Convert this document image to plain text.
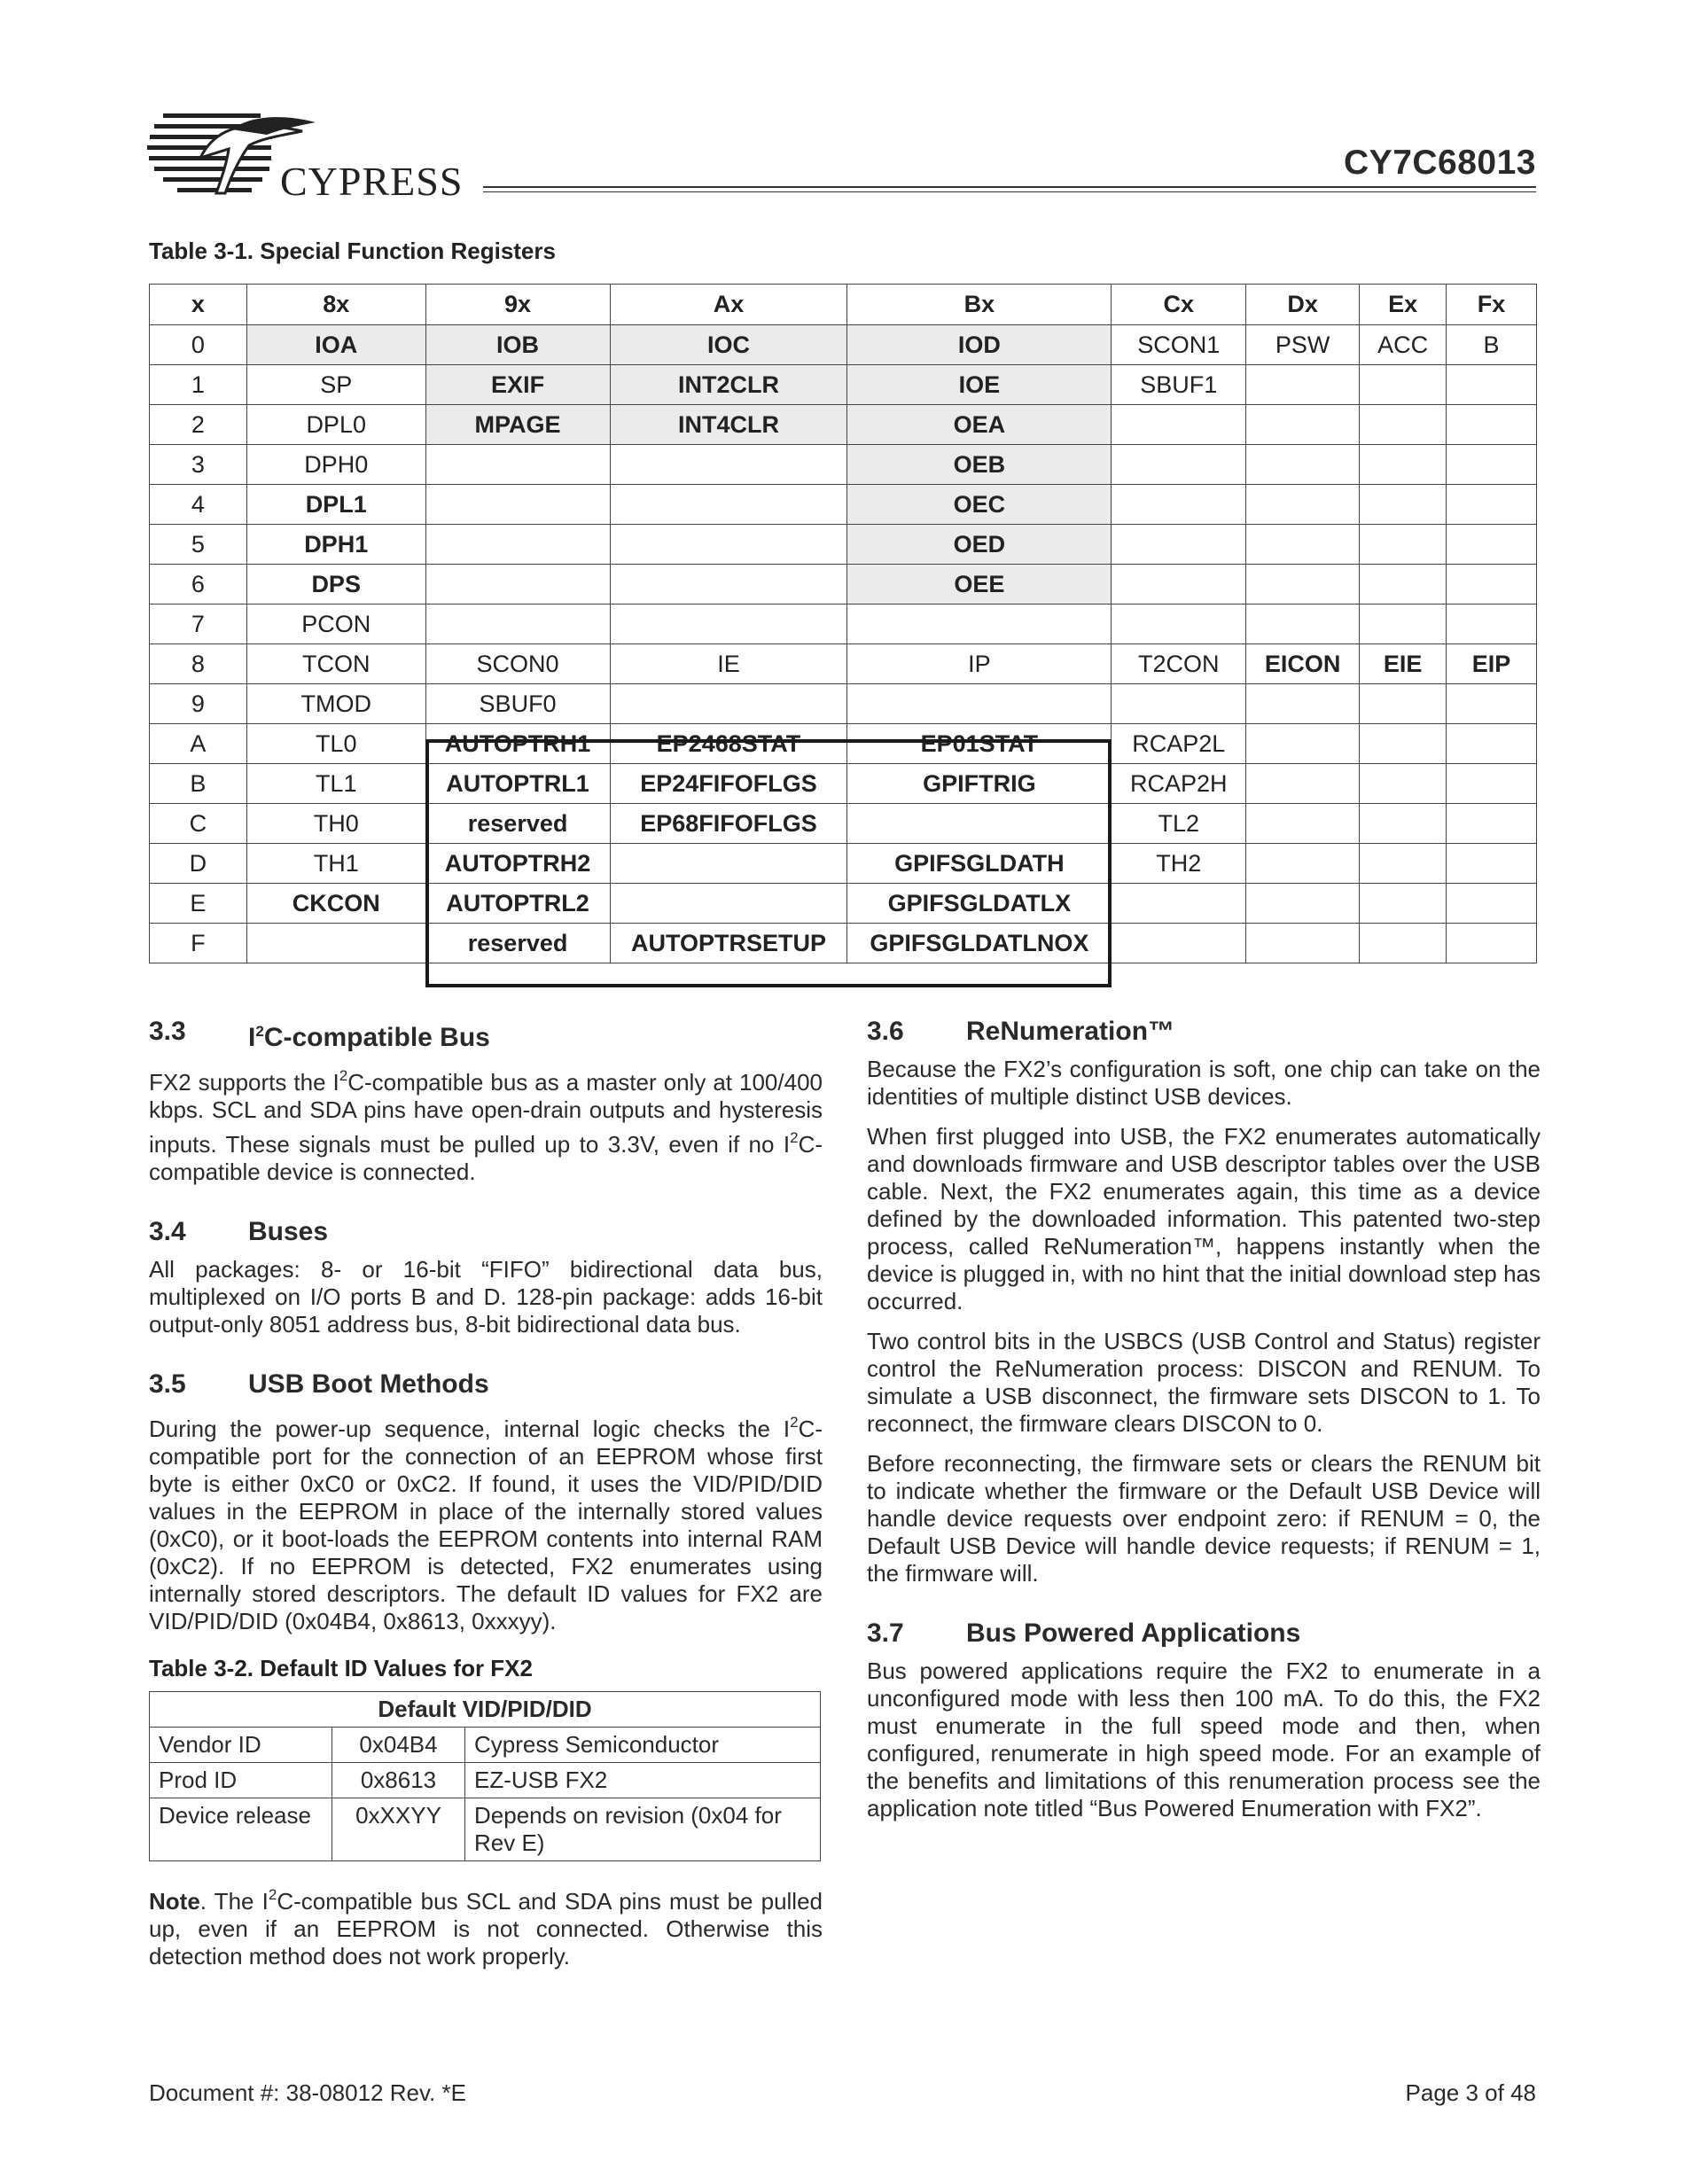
CYPRESS	CY7C68013
Table 3-1. Special Function Registers
x	8x	9x	Ax	Bx	Cx	Dx	Ex	Fx
0	IOA	IOB	IOC	IOD	SCON1	PSW	ACC	B
1	SP	EXIF	INT2CLR	IOE	SBUF1			
2	DPL0	MPAGE	INT4CLR	OEA				
3	DPH0			OEB				
4	DPL1			OEC				
5	DPH1			OED				
6	DPS			OEE				
7	PCON							
8	TCON	SCON0	IE	IP	T2CON	EICON	EIE	EIP
9	TMOD	SBUF0						
A	TL0	AUTOPTRH1	EP2468STAT	EP01STAT	RCAP2L			
B	TL1	AUTOPTRL1	EP24FIFOFLGS	GPIFTRIG	RCAP2H			
C	TH0	reserved	EP68FIFOFLGS		TL2			
D	TH1	AUTOPTRH2		GPIFSGLDATH	TH2			
E	CKCON	AUTOPTRL2		GPIFSGLDATLX				
F		reserved	AUTOPTRSETUP	GPIFSGLDATLNOX				
3.3	$I^2C$-compatible Bus

FX2 supports the $I^2C$-compatible bus as a master only at 100/400 kbps. SCL and SDA pins have open-drain outputs and hysteresis inputs. These signals must be pulled up to 3.3V, even if no $I^2C$-compatible device is connected.

3.4	Buses

All packages: 8- or 16-bit “FIFO” bidirectional data bus, multiplexed on I/O ports B and D. 128-pin package: adds 16-bit output-only 8051 address bus, 8-bit bidirectional data bus.

3.5	USB Boot Methods

During the power-up sequence, internal logic checks the $I^2C$-compatible port for the connection of an EEPROM whose first byte is either 0xC0 or 0xC2. If found, it uses the VID/PID/DID values in the EEPROM in place of the internally stored values (0xC0), or it boot-loads the EEPROM contents into internal RAM (0xC2). If no EEPROM is detected, FX2 enumerates using internally stored descriptors. The default ID values for FX2 are VID/PID/DID (0x04B4, 0x8613, 0xxxyy).

Table 3-2. Default ID Values for FX2
Default VID/PID/DID		
Vendor ID	0x04B4	Cypress Semiconductor
Prod ID	0x8613	EZ-USB FX2
Device release	0xXXYY	Depends on revision (0x04 for Rev E)

Note. The $I^2C$-compatible bus SCL and SDA pins must be pulled up, even if an EEPROM is not connected. Otherwise this detection method does not work properly.

3.6	ReNumeration™

Because the FX2’s configuration is soft, one chip can take on the identities of multiple distinct USB devices.

When first plugged into USB, the FX2 enumerates automatically and downloads firmware and USB descriptor tables over the USB cable. Next, the FX2 enumerates again, this time as a device defined by the downloaded information. This patented two-step process, called ReNumeration™, happens instantly when the device is plugged in, with no hint that the initial download step has occurred.

Two control bits in the USBCS (USB Control and Status) register control the ReNumeration process: DISCON and RENUM. To simulate a USB disconnect, the firmware sets DISCON to 1. To reconnect, the firmware clears DISCON to 0.

Before reconnecting, the firmware sets or clears the RENUM bit to indicate whether the firmware or the Default USB Device will handle device requests over endpoint zero: if RENUM = 0, the Default USB Device will handle device requests; if RENUM = 1, the firmware will.

3.7	Bus Powered Applications

Bus powered applications require the FX2 to enumerate in a unconfigured mode with less then 100 mA. To do this, the FX2 must enumerate in the full speed mode and then, when configured, renumerate in high speed mode. For an example of the benefits and limitations of this renumeration process see the application note titled “Bus Powered Enumeration with FX2”.

Document #: 38-08012 Rev. *E	Page 3 of 48
